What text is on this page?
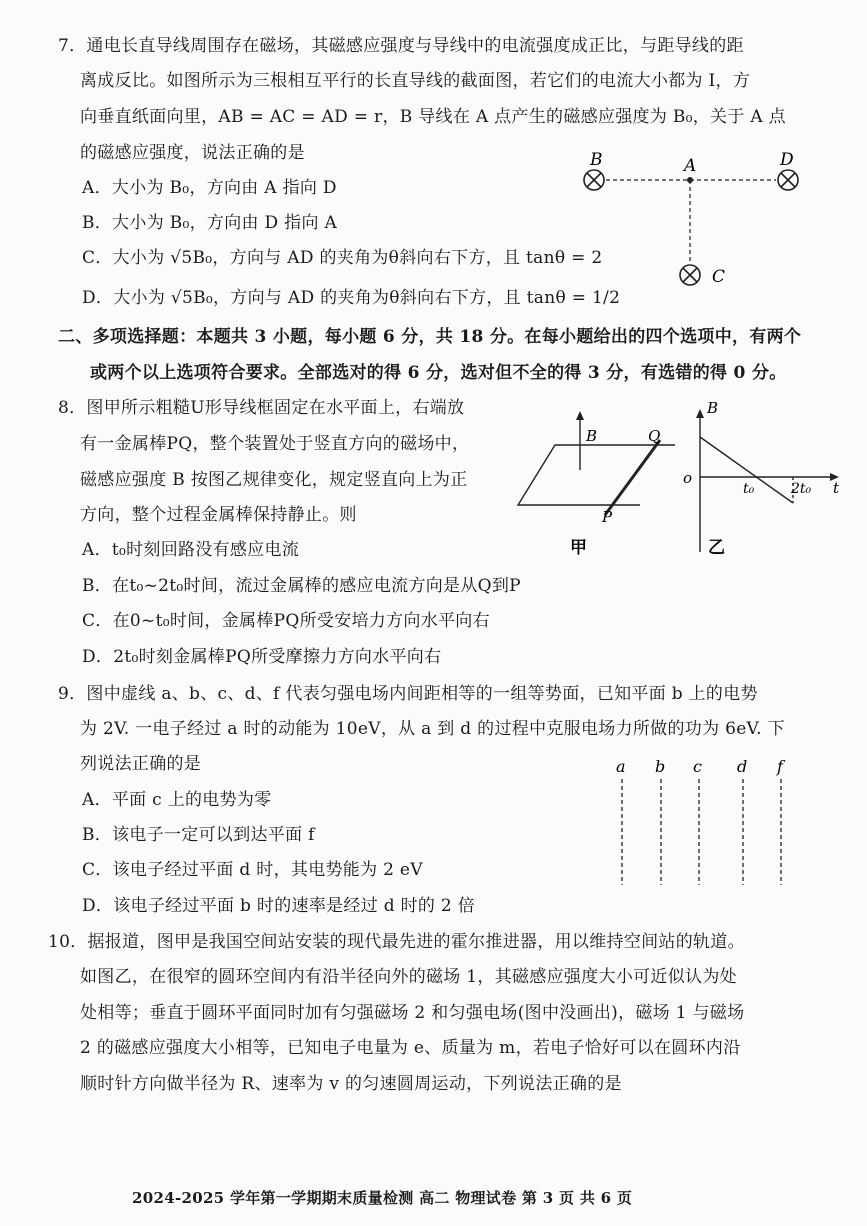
7．通电长直导线周围存在磁场，其磁感应强度与导线中的电流强度成正比，与距导线的距
离成反比。如图所示为三根相互平行的长直导线的截面图，若它们的电流大小都为 I，方
向垂直纸面向里，AB = AC = AD = r，B 导线在 A 点产生的磁感应强度为 B₀，关于 A 点
的磁感应强度，说法正确的是
A．大小为 B₀，方向由 A 指向 D
B．大小为 B₀，方向由 D 指向 A
C．大小为 √5B₀，方向与 AD 的夹角为θ斜向右下方，且 tanθ = 2
D．大小为 √5B₀，方向与 AD 的夹角为θ斜向右下方，且 tanθ = 1/2
B	A	D
C
二、多项选择题：本题共 3 小题，每小题 6 分，共 18 分。在每小题给出的四个选项中，有两个
或两个以上选项符合要求。全部选对的得 6 分，选对但不全的得 3 分，有选错的得 0 分。
8．图甲所示粗糙U形导线框固定在水平面上，右端放
有一金属棒PQ，整个装置处于竖直方向的磁场中，
磁感应强度 B 按图乙规律变化，规定竖直向上为正
方向，整个过程金属棒保持静止。则
A．t₀时刻回路没有感应电流
B．在t₀~2t₀时间，流过金属棒的感应电流方向是从Q到P
C．在0~t₀时间，金属棒PQ所受安培力方向水平向右
D．2t₀时刻金属棒PQ所受摩擦力方向水平向右
B	Q
P
甲
B
o
t₀	2t₀ t
乙
9．图中虚线 a、b、c、d、f 代表匀强电场内间距相等的一组等势面，已知平面 b 上的电势
为 2V. 一电子经过 a 时的动能为 10eV，从 a 到 d 的过程中克服电场力所做的功为 6eV. 下
列说法正确的是
A．平面 c 上的电势为零
B．该电子一定可以到达平面 f
C．该电子经过平面 d 时，其电势能为 2 eV
D．该电子经过平面 b 时的速率是经过 d 时的 2 倍
a b c d f
10．据报道，图甲是我国空间站安装的现代最先进的霍尔推进器，用以维持空间站的轨道。
如图乙，在很窄的圆环空间内有沿半径向外的磁场 1，其磁感应强度大小可近似认为处
处相等；垂直于圆环平面同时加有匀强磁场 2 和匀强电场(图中没画出)，磁场 1 与磁场
2 的磁感应强度大小相等，已知电子电量为 e、质量为 m，若电子恰好可以在圆环内沿
顺时针方向做半径为 R、速率为 v 的匀速圆周运动，下列说法正确的是
2024-2025 学年第一学期期末质量检测 高二 物理试卷 第 3 页 共 6 页
